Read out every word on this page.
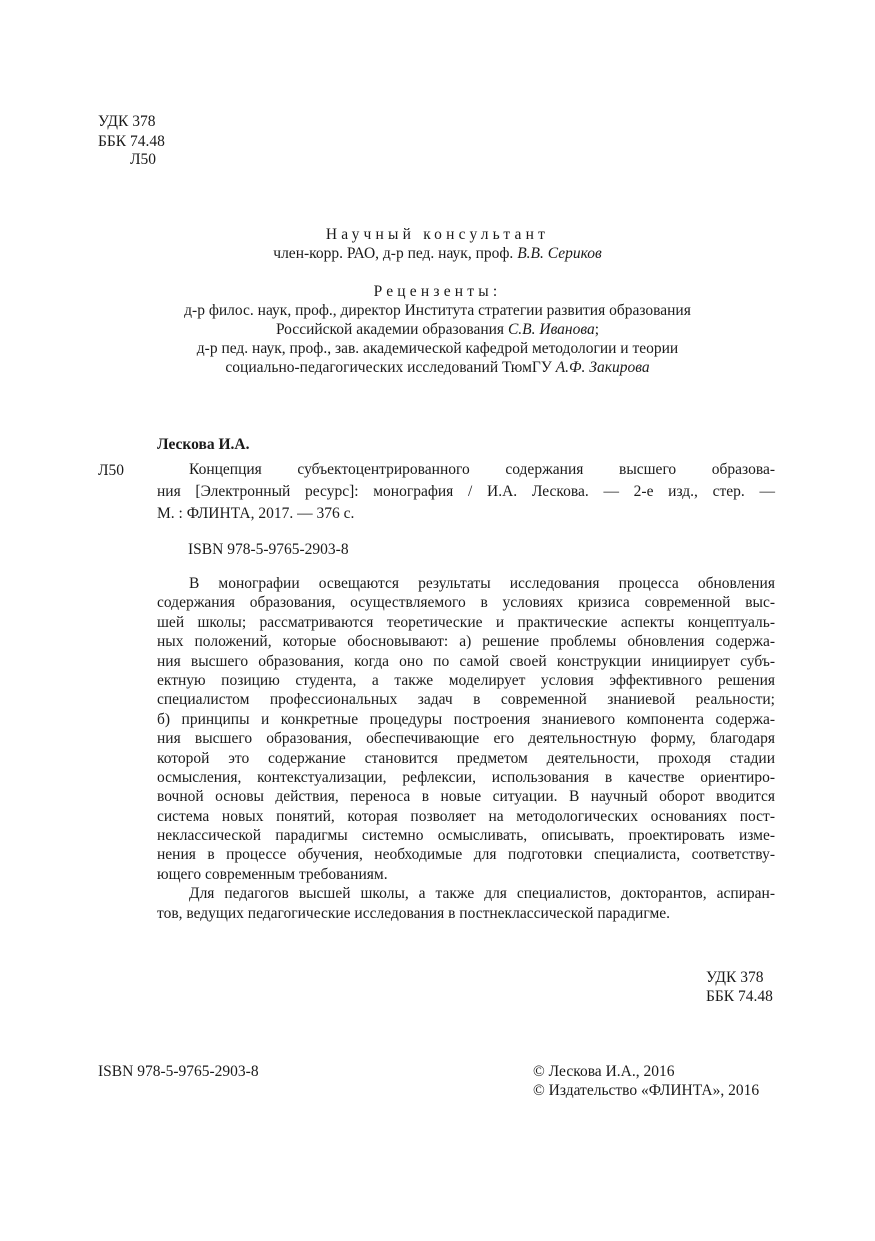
УДК 378
ББК 74.48
Л50
Научный консультант
член-корр. РАО, д-р пед. наук, проф. В.В. Сериков
Рецензенты:
д-р филос. наук, проф., директор Института стратегии развития образования
Российской академии образования С.В. Иванова;
д-р пед. наук, проф., зав. академической кафедрой методологии и теории
социально-педагогических исследований ТюмГУ А.Ф. Закирова
Лескова И.А.
Л50	Концепция субъектоцентрированного содержания высшего образова-
ния [Электронный ресурс]: монография / И.А. Лескова. — 2-е изд., стер. —
М. : ФЛИНТА, 2017. — 376 с.
ISBN 978-5-9765-2903-8
В монографии освещаются результаты исследования процесса обновления
содержания образования, осуществляемого в условиях кризиса современной выс-
шей школы; рассматриваются теоретические и практические аспекты концептуаль-
ных положений, которые обосновывают: а) решение проблемы обновления содержа-
ния высшего образования, когда оно по самой своей конструкции инициирует субъ-
ектную позицию студента, а также моделирует условия эффективного решения
специалистом профессиональных задач в современной знаниевой реальности;
б) принципы и конкретные процедуры построения знаниевого компонента содержа-
ния высшего образования, обеспечивающие его деятельностную форму, благодаря
которой это содержание становится предметом деятельности, проходя стадии
осмысления, контекстуализации, рефлексии, использования в качестве ориентиро-
вочной основы действия, переноса в новые ситуации. В научный оборот вводится
система новых понятий, которая позволяет на методологических основаниях пост-
неклассической парадигмы системно осмысливать, описывать, проектировать изме-
нения в процессе обучения, необходимые для подготовки специалиста, соответству-
ющего современным требованиям.
Для педагогов высшей школы, а также для специалистов, докторантов, аспиран-
тов, ведущих педагогические исследования в постнеклассической парадигме.
УДК 378
ББК 74.48
ISBN 978-5-9765-2903-8	© Лескова И.А., 2016
© Издательство «ФЛИНТА», 2016
